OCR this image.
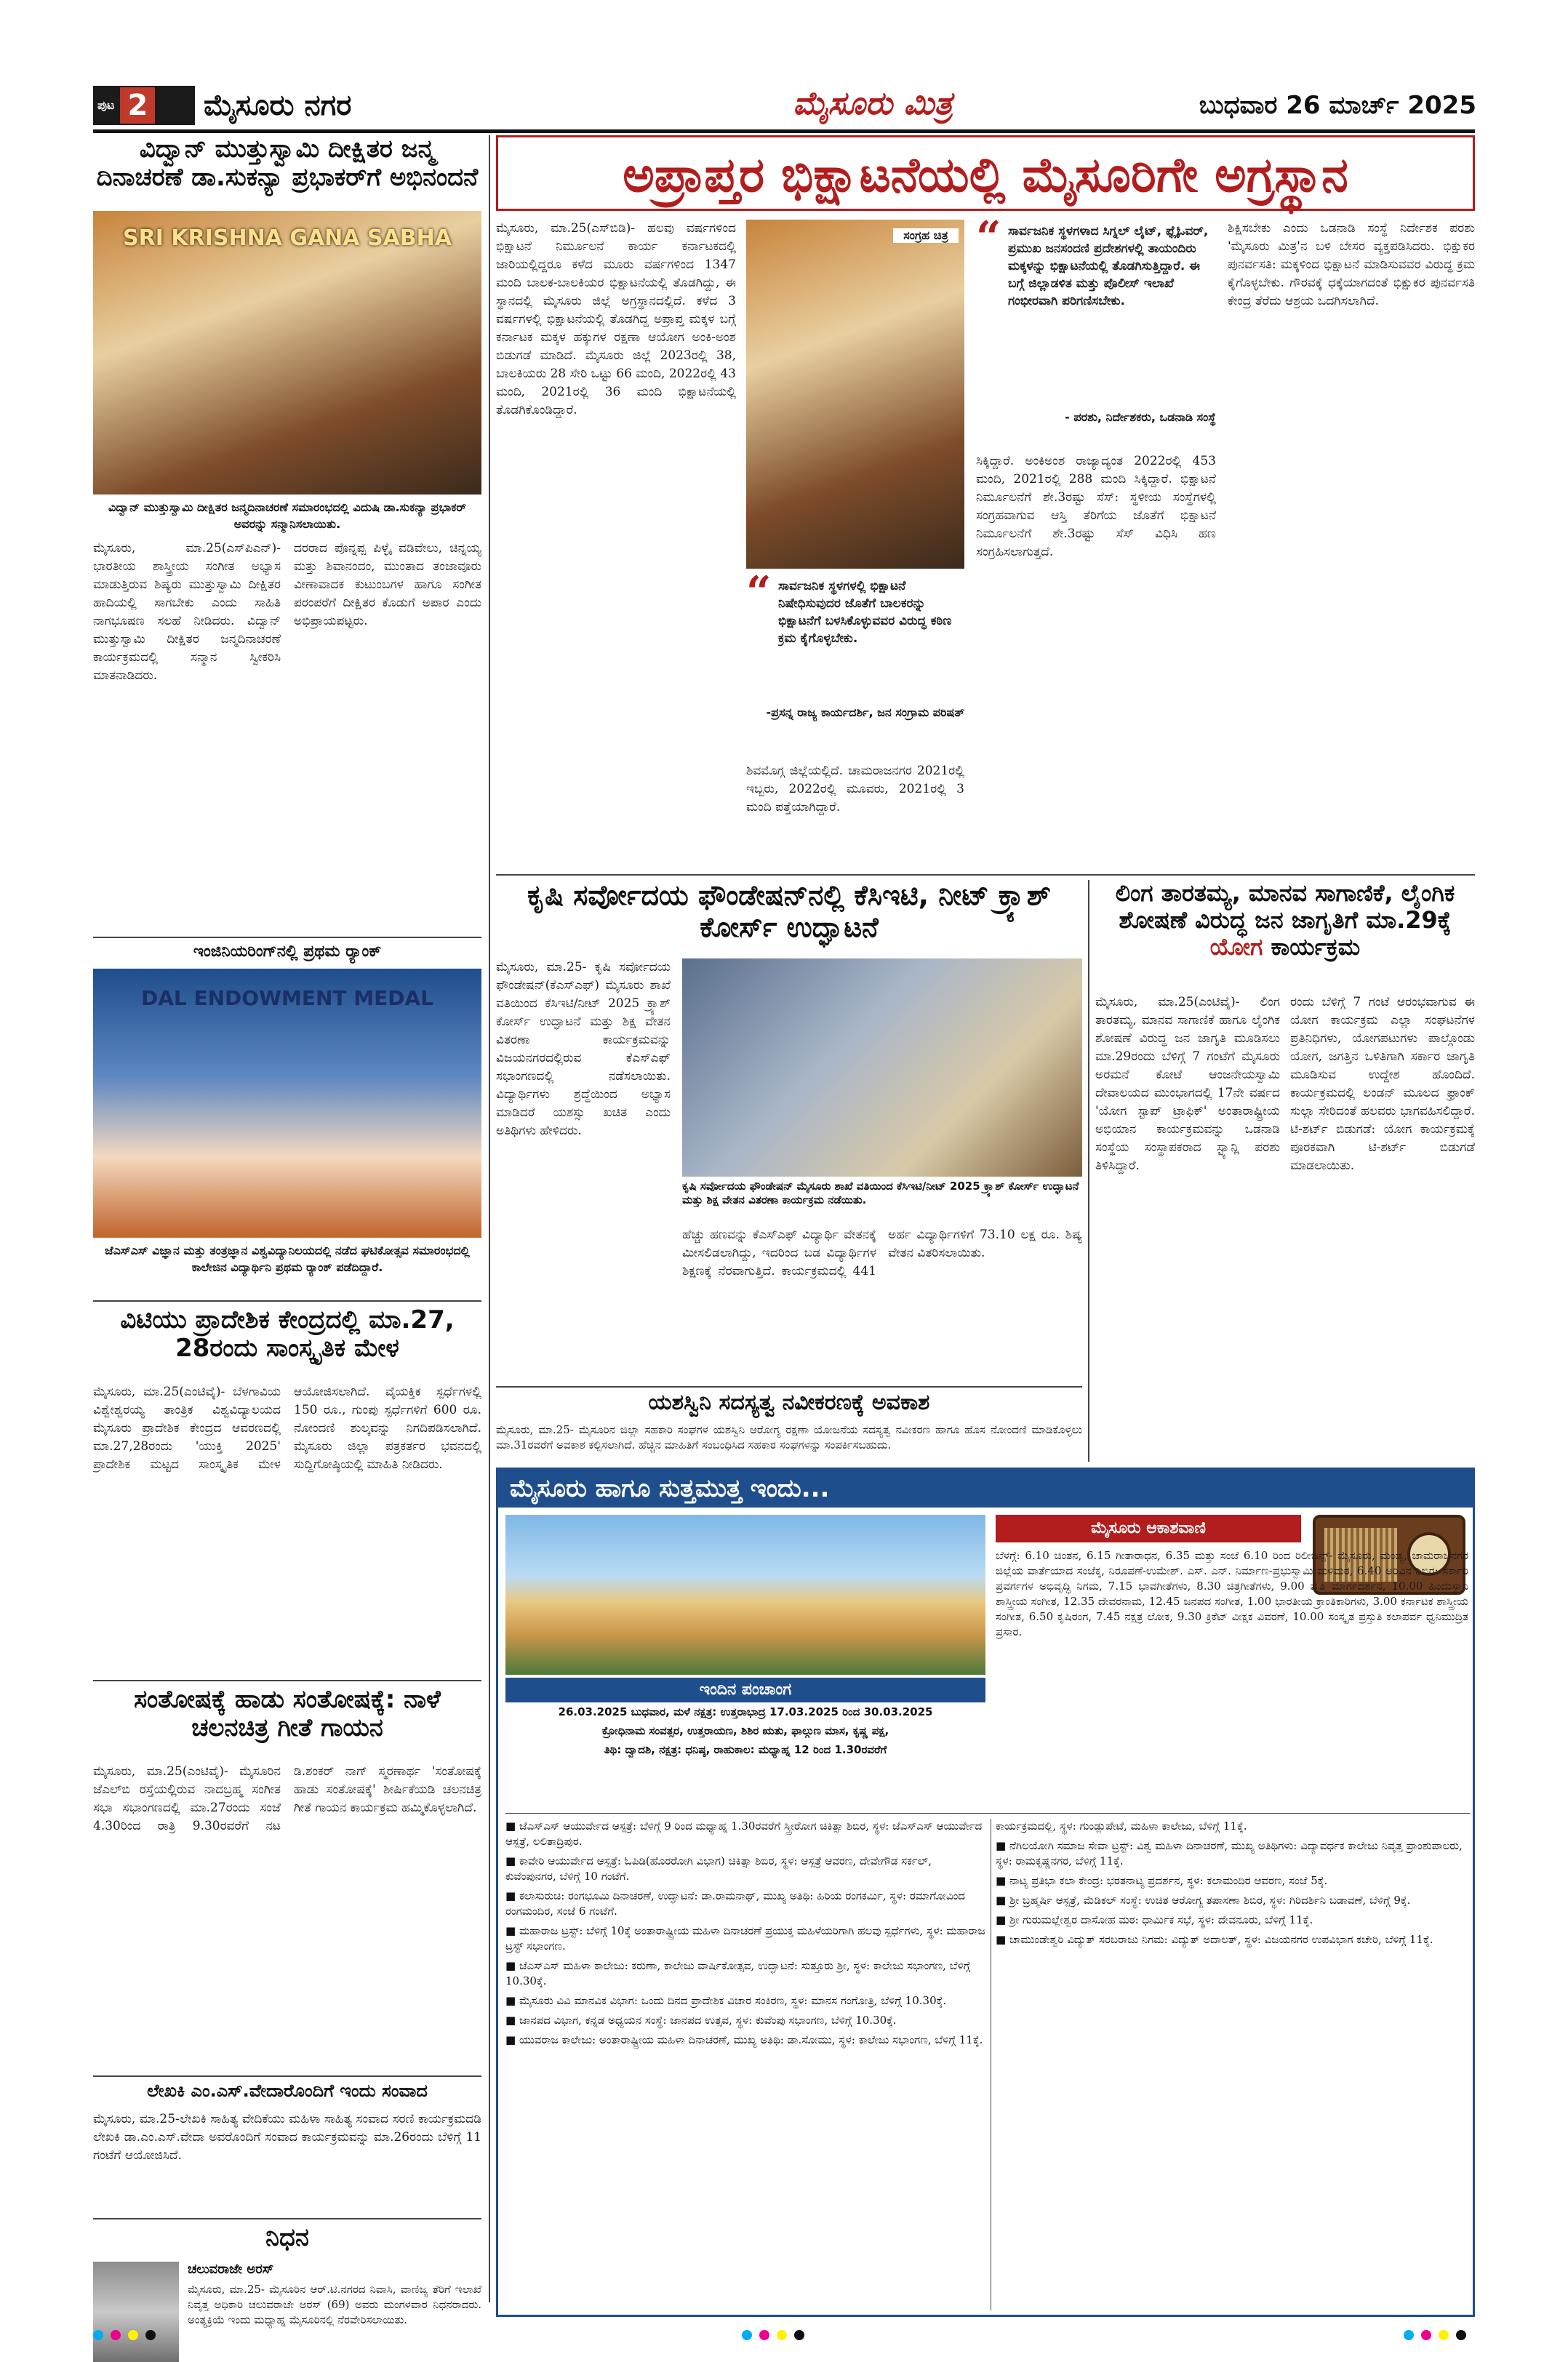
ಪುಟ 2 ಮೈಸೂರು ನಗರ	ಮೈಸೂರು ಮಿತ್ರ	ಬುಧವಾರ 26 ಮಾರ್ಚ್ 2025
ವಿದ್ವಾನ್ ಮುತ್ತುಸ್ವಾಮಿ ದೀಕ್ಷಿತರ ಜನ್ಮ ದಿನಾಚರಣೆ ಡಾ.ಸುಕನ್ಯಾ ಪ್ರಭಾಕರ್‌ಗೆ ಅಭಿನಂದನೆ
SRI KRISHNA GANA SABHA
ವಿದ್ವಾನ್ ಮುತ್ತುಸ್ವಾಮಿ ದೀಕ್ಷಿತರ ಜನ್ಮದಿನಾಚರಣೆ ಸಮಾರಂಭದಲ್ಲಿ ವಿದುಷಿ ಡಾ.ಸುಕನ್ಯಾ ಪ್ರಭಾಕರ್ ಅವರನ್ನು ಸನ್ಮಾನಿಸಲಾಯಿತು.
ಮೈಸೂರು, ಮಾ.25(ಎಸ್‌ಪಿಎನ್)- ಭಾರತೀಯ ಶಾಸ್ತ್ರೀಯ ಸಂಗೀತ ಅಭ್ಯಾಸ ಮಾಡುತ್ತಿರುವ ಶಿಷ್ಯರು ಮುತ್ತುಸ್ವಾಮಿ ದೀಕ್ಷಿತರ ಹಾದಿಯಲ್ಲಿ ಸಾಗಬೇಕು ಎಂದು ಸಾಹಿತಿ ನಾಗಭೂಷಣ ಸಲಹೆ ನೀಡಿದರು. ವಿದ್ವಾನ್ ಮುತ್ತುಸ್ವಾಮಿ ದೀಕ್ಷಿತರ ಜನ್ಮದಿನಾಚರಣೆ ಕಾರ್ಯಕ್ರಮದಲ್ಲಿ ಸನ್ಮಾನ ಸ್ವೀಕರಿಸಿ ಮಾತನಾಡಿದರು.
ದರರಾದ ಪೊನ್ನಪ್ಪ ಪಿಳ್ಳೈ ವಡಿವೇಲು, ಚಿನ್ನಯ್ಯ ಮತ್ತು ಶಿವಾನಂದಂ, ಮುಂತಾದ ತಂಜಾವೂರು ವೀಣಾವಾದಕ ಕುಟುಂಬಗಳ ಹಾಗೂ ಸಂಗೀತ ಪರಂಪರೆಗೆ ದೀಕ್ಷಿತರ ಕೊಡುಗೆ ಅಪಾರ ಎಂದು ಅಭಿಪ್ರಾಯಪಟ್ಟರು.
ಇಂಜಿನಿಯರಿಂಗ್‌ನಲ್ಲಿ ಪ್ರಥಮ ರ‍್ಯಾಂಕ್
DAL ENDOWMENT MEDAL
ಜೆಎಸ್‌ಎಸ್ ವಿಜ್ಞಾನ ಮತ್ತು ತಂತ್ರಜ್ಞಾನ ವಿಶ್ವವಿದ್ಯಾನಿಲಯದಲ್ಲಿ ನಡೆದ ಘಟಿಕೋತ್ಸವ ಸಮಾರಂಭದಲ್ಲಿ ಕಾಲೇಜಿನ ವಿದ್ಯಾರ್ಥಿನಿ ಪ್ರಥಮ ರ‍್ಯಾಂಕ್ ಪಡೆದಿದ್ದಾರೆ.
ವಿಟಿಯು ಪ್ರಾದೇಶಿಕ ಕೇಂದ್ರದಲ್ಲಿ ಮಾ.27, 28ರಂದು ಸಾಂಸ್ಕೃತಿಕ ಮೇಳ
ಮೈಸೂರು, ಮಾ.25(ಎಂಟಿವೈ)- ಬೆಳಗಾವಿಯ ವಿಶ್ವೇಶ್ವರಯ್ಯ ತಾಂತ್ರಿಕ ವಿಶ್ವವಿದ್ಯಾಲಯದ ಮೈಸೂರು ಪ್ರಾದೇಶಿಕ ಕೇಂದ್ರದ ಆವರಣದಲ್ಲಿ ಮಾ.27,28ರಂದು 'ಯುಕ್ತಿ 2025' ಪ್ರಾದೇಶಿಕ ಮಟ್ಟದ ಸಾಂಸ್ಕೃತಿಕ ಮೇಳ ಆಯೋಜಿಸಲಾಗಿದೆ. ವೈಯಕ್ತಿಕ ಸ್ಪರ್ಧೆಗಳಲ್ಲಿ 150 ರೂ., ಗುಂಪು ಸ್ಪರ್ಧೆಗಳಿಗೆ 600 ರೂ. ನೋಂದಣಿ ಶುಲ್ಕವನ್ನು ನಿಗದಿಪಡಿಸಲಾಗಿದೆ. ಮೈಸೂರು ಜಿಲ್ಲಾ ಪತ್ರಕರ್ತರ ಭವನದಲ್ಲಿ ಸುದ್ದಿಗೋಷ್ಠಿಯಲ್ಲಿ ಮಾಹಿತಿ ನೀಡಿದರು.
ಸಂತೋಷಕ್ಕೆ ಹಾಡು ಸಂತೋಷಕ್ಕೆ: ನಾಳೆ ಚಲನಚಿತ್ರ ಗೀತೆ ಗಾಯನ
ಮೈಸೂರು, ಮಾ.25(ಎಂಟಿವೈ)- ಮೈಸೂರಿನ ಜೆಎಲ್‌ಬಿ ರಸ್ತೆಯಲ್ಲಿರುವ ನಾದಬ್ರಹ್ಮ ಸಂಗೀತ ಸಭಾ ಸಭಾಂಗಣದಲ್ಲಿ ಮಾ.27ರಂದು ಸಂಜೆ 4.30ರಿಂದ ರಾತ್ರಿ 9.30ರವರೆಗೆ ನಟ ಡಿ.ಶಂಕರ್ ನಾಗ್ ಸ್ಮರಣಾರ್ಥ 'ಸಂತೋಷಕ್ಕೆ ಹಾಡು ಸಂತೋಷಕ್ಕೆ' ಶೀರ್ಷಿಕೆಯಡಿ ಚಲನಚಿತ್ರ ಗೀತೆ ಗಾಯನ ಕಾರ್ಯಕ್ರಮ ಹಮ್ಮಿಕೊಳ್ಳಲಾಗಿದೆ.
ಲೇಖಕಿ ಎಂ.ಎಸ್.ವೇದಾರೊಂದಿಗೆ ಇಂದು ಸಂವಾದ
ಮೈಸೂರು, ಮಾ.25-ಲೇಖಕಿ ಸಾಹಿತ್ಯ ವೇದಿಕೆಯು ಮಹಿಳಾ ಸಾಹಿತ್ಯ ಸಂವಾದ ಸರಣಿ ಕಾರ್ಯಕ್ರಮದಡಿ ಲೇಖಕಿ ಡಾ.ಎಂ.ಎಸ್.ವೇದಾ ಅವರೊಂದಿಗೆ ಸಂವಾದ ಕಾರ್ಯಕ್ರಮವನ್ನು ಮಾ.26ರಂದು ಬೆಳಿಗ್ಗೆ 11 ಗಂಟೆಗೆ ಆಯೋಜಿಸಿದೆ.
ನಿಧನ
ಚಲುವರಾಜೇ ಅರಸ್
ಮೈಸೂರು, ಮಾ.25- ಮೈಸೂರಿನ ಆರ್.ಟಿ.ನಗರದ ನಿವಾಸಿ, ವಾಣಿಜ್ಯ ತೆರಿಗೆ ಇಲಾಖೆ ನಿವೃತ್ತ ಅಧಿಕಾರಿ ಚಲುವರಾಜೇ ಅರಸ್ (69) ಅವರು ಮಂಗಳವಾರ ನಿಧನರಾದರು. ಅಂತ್ಯಕ್ರಿಯೆ ಇಂದು ಮಧ್ಯಾಹ್ನ ಮೈಸೂರಿನಲ್ಲಿ ನೆರವೇರಿಸಲಾಯಿತು.
ಅಪ್ರಾಪ್ತರ ಭಿಕ್ಷಾಟನೆಯಲ್ಲಿ ಮೈಸೂರಿಗೇ ಅಗ್ರಸ್ಥಾನ
ಮೈಸೂರು, ಮಾ.25(ಎಸ್‌ಬಿಡಿ)- ಹಲವು ವರ್ಷಗಳಿಂದ ಭಿಕ್ಷಾಟನೆ ನಿರ್ಮೂಲನೆ ಕಾರ್ಯ ಕರ್ನಾಟಕದಲ್ಲಿ ಜಾರಿಯಲ್ಲಿದ್ದರೂ ಕಳೆದ ಮೂರು ವರ್ಷಗಳಿಂದ 1347 ಮಂದಿ ಬಾಲಕ-ಬಾಲಕಿಯರ ಭಿಕ್ಷಾಟನೆಯಲ್ಲಿ ತೊಡಗಿದ್ದು, ಈ ಸ್ಥಾನದಲ್ಲಿ ಮೈಸೂರು ಜಿಲ್ಲೆ ಅಗ್ರಸ್ಥಾನದಲ್ಲಿದೆ. ಕಳೆದ 3 ವರ್ಷಗಳಲ್ಲಿ ಭಿಕ್ಷಾಟನೆಯಲ್ಲಿ ತೊಡಗಿದ್ದ ಅಪ್ರಾಪ್ತ ಮಕ್ಕಳ ಬಗ್ಗೆ ಕರ್ನಾಟಕ ಮಕ್ಕಳ ಹಕ್ಕುಗಳ ರಕ್ಷಣಾ ಆಯೋಗ ಅಂಕಿ-ಅಂಶ ಬಿಡುಗಡೆ ಮಾಡಿದೆ. ಮೈಸೂರು ಜಿಲ್ಲೆ 2023ರಲ್ಲಿ 38, ಬಾಲಕಿಯರು 28 ಸೇರಿ ಒಟ್ಟು 66 ಮಂದಿ, 2022ರಲ್ಲಿ 43 ಮಂದಿ, 2021ರಲ್ಲಿ 36 ಮಂದಿ ಭಿಕ್ಷಾಟನೆಯಲ್ಲಿ ತೊಡಗಿಕೊಂಡಿದ್ದಾರೆ.
ಸಂಗ್ರಹ ಚಿತ್ರ
“ ಸಾರ್ವಜನಿಕ ಸ್ಥಳಗಳಲ್ಲಿ ಭಿಕ್ಷಾಟನೆ ನಿಷೇಧಿಸುವುದರ ಜೊತೆಗೆ ಬಾಲಕರನ್ನು ಭಿಕ್ಷಾಟನೆಗೆ ಬಳಸಿಕೊಳ್ಳುವವರ ವಿರುದ್ಧ ಕಠಿಣ ಕ್ರಮ ಕೈಗೊಳ್ಳಬೇಕು.
-ಪ್ರಸನ್ನ ರಾಜ್ಯ ಕಾರ್ಯದರ್ಶಿ, ಜನ ಸಂಗ್ರಾಮ ಪರಿಷತ್
ಶಿವಮೊಗ್ಗ ಜಿಲ್ಲೆಯಲ್ಲಿದೆ. ಚಾಮರಾಜನಗರ 2021ರಲ್ಲಿ ಇಬ್ಬರು, 2022ರಲ್ಲಿ ಮೂವರು, 2021ರಲ್ಲಿ 3 ಮಂದಿ ಪತ್ತೆಯಾಗಿದ್ದಾರೆ.
“ ಸಾರ್ವಜನಿಕ ಸ್ಥಳಗಳಾದ ಸಿಗ್ನಲ್ ಲೈಟ್, ಫ್ಲೈಓವರ್, ಪ್ರಮುಖ ಜನಸಂದಣಿ ಪ್ರದೇಶಗಳಲ್ಲಿ ತಾಯಂದಿರು ಮಕ್ಕಳನ್ನು ಭಿಕ್ಷಾಟನೆಯಲ್ಲಿ ತೊಡಗಿಸುತ್ತಿದ್ದಾರೆ. ಈ ಬಗ್ಗೆ ಜಿಲ್ಲಾಡಳಿತ ಮತ್ತು ಪೊಲೀಸ್ ಇಲಾಖೆ ಗಂಭೀರವಾಗಿ ಪರಿಗಣಿಸಬೇಕು.
- ಪರಶು, ನಿರ್ದೇಶಕರು, ಒಡನಾಡಿ ಸಂಸ್ಥೆ
ಸಿಕ್ಕಿದ್ದಾರೆ. ಅಂಕಿಅಂಶ ರಾಜ್ಯಾದ್ಯಂತ 2022ರಲ್ಲಿ 453 ಮಂದಿ, 2021ರಲ್ಲಿ 288 ಮಂದಿ ಸಿಕ್ಕಿದ್ದಾರೆ. ಭಿಕ್ಷಾಟನೆ ನಿರ್ಮೂಲನೆಗೆ ಶೇ.3ರಷ್ಟು ಸೆಸ್: ಸ್ಥಳೀಯ ಸಂಸ್ಥೆಗಳಲ್ಲಿ ಸಂಗ್ರಹವಾಗುವ ಆಸ್ತಿ ತೆರಿಗೆಯ ಜೊತೆಗೆ ಭಿಕ್ಷಾಟನೆ ನಿರ್ಮೂಲನೆಗೆ ಶೇ.3ರಷ್ಟು ಸೆಸ್ ವಿಧಿಸಿ ಹಣ ಸಂಗ್ರಹಿಸಲಾಗುತ್ತದೆ.
ಶಿಕ್ಷಿಸಬೇಕು ಎಂದು ಒಡನಾಡಿ ಸಂಸ್ಥೆ ನಿರ್ದೇಶಕ ಪರಶು 'ಮೈಸೂರು ಮಿತ್ರ'ನ ಬಳಿ ಬೇಸರ ವ್ಯಕ್ತಪಡಿಸಿದರು. ಭಿಕ್ಷುಕರ ಪುನರ್ವಸತಿ: ಮಕ್ಕಳಿಂದ ಭಿಕ್ಷಾಟನೆ ಮಾಡಿಸುವವರ ವಿರುದ್ಧ ಕ್ರಮ ಕೈಗೊಳ್ಳಬೇಕು. ಗೌರವಕ್ಕೆ ಧಕ್ಕೆಯಾಗದಂತೆ ಭಿಕ್ಷುಕರ ಪುನರ್ವಸತಿ ಕೇಂದ್ರ ತೆರೆದು ಆಶ್ರಯ ಒದಗಿಸಲಾಗಿದೆ.
ಕೃಷಿ ಸರ್ವೋದಯ ಫೌಂಡೇಷನ್‌ನಲ್ಲಿ ಕೆಸಿಇಟಿ, ನೀಟ್ ಕ್ರ್ಯಾಶ್ ಕೋರ್ಸ್ ಉದ್ಘಾಟನೆ
ಮೈಸೂರು, ಮಾ.25- ಕೃಷಿ ಸರ್ವೋದಯ ಫೌಂಡೇಷನ್(ಕೆಎಸ್‌ಎಫ್) ಮೈಸೂರು ಶಾಖೆ ವತಿಯಿಂದ ಕೆಸಿಇಟಿ/ನೀಟ್ 2025 ಕ್ರ್ಯಾಶ್ ಕೋರ್ಸ್ ಉದ್ಘಾಟನೆ ಮತ್ತು ಶಿಕ್ಷ ವೇತನ ವಿತರಣಾ ಕಾರ್ಯಕ್ರಮವನ್ನು ವಿಜಯನಗರದಲ್ಲಿರುವ ಕೆಎಸ್‌ಎಫ್ ಸಭಾಂಗಣದಲ್ಲಿ ನಡೆಸಲಾಯಿತು. ವಿದ್ಯಾರ್ಥಿಗಳು ಶ್ರದ್ಧೆಯಿಂದ ಅಭ್ಯಾಸ ಮಾಡಿದರೆ ಯಶಸ್ಸು ಖಚಿತ ಎಂದು ಅತಿಥಿಗಳು ಹೇಳಿದರು.
ಕೃಷಿ ಸರ್ವೋದಯ ಫೌಂಡೇಷನ್ ಮೈಸೂರು ಶಾಖೆ ವತಿಯಿಂದ ಕೆಸಿಇಟಿ/ನೀಟ್ 2025 ಕ್ರ್ಯಾಶ್ ಕೋರ್ಸ್ ಉದ್ಘಾಟನೆ ಮತ್ತು ಶಿಕ್ಷ ವೇತನ ವಿತರಣಾ ಕಾರ್ಯಕ್ರಮ ನಡೆಯಿತು.
ಹೆಚ್ಚು ಹಣವನ್ನು ಕೆಎಸ್‌ಎಫ್ ವಿದ್ಯಾರ್ಥಿ ವೇತನಕ್ಕೆ ಮೀಸಲಿಡಲಾಗಿದ್ದು, ಇದರಿಂದ ಬಡ ವಿದ್ಯಾರ್ಥಿಗಳ ಶಿಕ್ಷಣಕ್ಕೆ ನೆರವಾಗುತ್ತಿದೆ. ಕಾರ್ಯಕ್ರಮದಲ್ಲಿ 441 ಅರ್ಹ ವಿದ್ಯಾರ್ಥಿಗಳಿಗೆ 73.10 ಲಕ್ಷ ರೂ. ಶಿಷ್ಯ ವೇತನ ವಿತರಿಸಲಾಯಿತು.
ಯಶಸ್ವಿನಿ ಸದಸ್ಯತ್ವ ನವೀಕರಣಕ್ಕೆ ಅವಕಾಶ
ಮೈಸೂರು, ಮಾ.25- ಮೈಸೂರಿನ ಜಿಲ್ಲಾ ಸಹಕಾರಿ ಸಂಘಗಳ ಯಶಸ್ವಿನಿ ಆರೋಗ್ಯ ರಕ್ಷಣಾ ಯೋಜನೆಯ ಸದಸ್ಯತ್ವ ನವೀಕರಣ ಹಾಗೂ ಹೊಸ ನೋಂದಣಿ ಮಾಡಿಕೊಳ್ಳಲು ಮಾ.31ರವರೆಗೆ ಅವಕಾಶ ಕಲ್ಪಿಸಲಾಗಿದೆ. ಹೆಚ್ಚಿನ ಮಾಹಿತಿಗೆ ಸಂಬಂಧಿಸಿದ ಸಹಕಾರ ಸಂಘಗಳನ್ನು ಸಂಪರ್ಕಿಸಬಹುದು.
ಲಿಂಗ ತಾರತಮ್ಯ, ಮಾನವ ಸಾಗಾಣಿಕೆ, ಲೈಂಗಿಕ ಶೋಷಣೆ ವಿರುದ್ಧ ಜನ ಜಾಗೃತಿಗೆ ಮಾ.29ಕ್ಕೆ ಯೋಗ ಕಾರ್ಯಕ್ರಮ
ಮೈಸೂರು, ಮಾ.25(ಎಂಟಿವೈ)- ಲಿಂಗ ತಾರತಮ್ಯ, ಮಾನವ ಸಾಗಾಣಿಕೆ ಹಾಗೂ ಲೈಂಗಿಕ ಶೋಷಣೆ ವಿರುದ್ಧ ಜನ ಜಾಗೃತಿ ಮೂಡಿಸಲು ಮಾ.29ರಂದು ಬೆಳಿಗ್ಗೆ 7 ಗಂಟೆಗೆ ಮೈಸೂರು ಅರಮನೆ ಕೋಟೆ ಆಂಜನೇಯಸ್ವಾಮಿ ದೇವಾಲಯದ ಮುಂಭಾಗದಲ್ಲಿ 17ನೇ ವರ್ಷದ 'ಯೋಗ ಸ್ಟಾಪ್ ಟ್ರಾಫಿಕ್' ಅಂತಾರಾಷ್ಟ್ರೀಯ ಅಭಿಯಾನ ಕಾರ್ಯಕ್ರಮವನ್ನು ಒಡನಾಡಿ ಸಂಸ್ಥೆಯ ಸಂಸ್ಥಾಪಕರಾದ ಸ್ಟ್ಯಾನ್ಲಿ ಪರಶು ತಿಳಿಸಿದ್ದಾರೆ.
ರಂದು ಬೆಳಿಗ್ಗೆ 7 ಗಂಟೆ ಆರಂಭವಾಗುವ ಈ ಯೋಗ ಕಾರ್ಯಕ್ರಮ ಎಲ್ಲಾ ಸಂಘಟನೆಗಳ ಪ್ರತಿನಿಧಿಗಳು, ಯೋಗಪಟುಗಳು ಪಾಲ್ಗೊಂಡು ಯೋಗ, ಜಗತ್ತಿನ ಒಳಿತಿಗಾಗಿ ಸರ್ಕಾರ ಜಾಗೃತಿ ಮೂಡಿಸುವ ಉದ್ದೇಶ ಹೊಂದಿದೆ. ಕಾರ್ಯಕ್ರಮದಲ್ಲಿ ಲಂಡನ್ ಮೂಲದ ಫ್ರಾಂಕ್ ಸುಲ್ಲಾ ಸೇರಿದಂತೆ ಹಲವರು ಭಾಗವಹಿಸಲಿದ್ದಾರೆ. ಟಿ-ಶರ್ಟ್ ಬಿಡುಗಡೆ: ಯೋಗ ಕಾರ್ಯಕ್ರಮಕ್ಕೆ ಪೂರಕವಾಗಿ ಟಿ-ಶರ್ಟ್ ಬಿಡುಗಡೆ ಮಾಡಲಾಯಿತು.
ಮೈಸೂರು ಹಾಗೂ ಸುತ್ತಮುತ್ತ ಇಂದು...
ಇಂದಿನ ಪಂಚಾಂಗ
26.03.2025 ಬುಧವಾರ, ಮಳೆ ನಕ್ಷತ್ರ: ಉತ್ತರಾಭಾದ್ರ 17.03.2025 ರಿಂದ 30.03.2025
ಕ್ರೋಧಿನಾಮ ಸಂವತ್ಸರ, ಉತ್ತರಾಯಣ, ಶಿಶಿರ ಋತು, ಫಾಲ್ಗುಣ ಮಾಸ, ಕೃಷ್ಣ ಪಕ್ಷ,
ತಿಥಿ: ದ್ವಾದಶಿ, ನಕ್ಷತ್ರ: ಧನಿಷ್ಠ, ರಾಹುಕಾಲ: ಮಧ್ಯಾಹ್ನ 12 ರಿಂದ 1.30ರವರೆಗೆ
ಮೈಸೂರು ಆಕಾಶವಾಣಿ
ಬೆಳಗ್ಗೆ: 6.10 ಚಿಂತನ, 6.15 ಗೀತಾರಾಧನ, 6.35 ಮತ್ತು ಸಂಜೆ 6.10 ರಿಂದ ರಿಲೀಜನ್ಸ್- ಮೈಸೂರು, ಮಂಡ್ಯ, ಚಾಮರಾಜನಗರ ಜಿಲ್ಲೆಯ ವಾರ್ತೆಯಾದ ಸಂಜೆಕ್ಕ, ನಿರೂಪಣೆ-ಉಮೇಶ್. ಎಸ್. ಎನ್. ನಿರ್ಮಾಣ-ಪ್ರಭುಸ್ವಾಮಿ ಮಳಿಮಠ, 6.40 ಅರಿವಿನ ಶಿಬಿರ: ಸರ್ಕಾರಿ ಪ್ರವರ್ಗಗಳ ಅಭಿವೃದ್ಧಿ ನಿಗಮ, 7.15 ಭಾವಗೀತೆಗಳು, 8.30 ಚಿತ್ರಗೀತೆಗಳು, 9.00 ವೃತ್ತಿ ಮಾರ್ಗದರ್ಶನ, 10.00 ಹಿಂದುಸ್ಥಾನಿ ಶಾಸ್ತ್ರೀಯ ಸಂಗೀತ, 12.35 ದೇವರನಾಮ, 12.45 ಜನಪದ ಸಂಗೀತ, 1.00 ಭಾರತೀಯ ಕ್ರಾಂತಿಕಾರಿಗಳು, 3.00 ಕರ್ನಾಟಕ ಶಾಸ್ತ್ರೀಯ ಸಂಗೀತ, 6.50 ಕೃಷಿರಂಗ, 7.45 ನಕ್ಷತ್ರ ಲೋಕ, 9.30 ಕ್ರಿಕೆಟ್ ವೀಕ್ಷಕ ವಿವರಣೆ, 10.00 ಸಂಸ್ಕೃತ ಪ್ರಸ್ತುತಿ ಕಲಾಪರ್ವ ಧ್ವನಿಮುದ್ರಿತ ಪ್ರಸಾರ.
■ ಜೆಎಸ್‌ಎಸ್ ಆಯುರ್ವೇದ ಆಸ್ಪತ್ರೆ: ಬೆಳಿಗ್ಗೆ 9 ರಿಂದ ಮಧ್ಯಾಹ್ನ 1.30ರವರೆಗೆ ಸ್ತ್ರೀರೋಗ ಚಿಕಿತ್ಸಾ ಶಿಬಿರ, ಸ್ಥಳ: ಜೆಎಸ್‌ಎಸ್ ಆಯುರ್ವೇದ ಆಸ್ಪತ್ರೆ, ಲಲಿತಾದ್ರಿಪುರ.
■ ಕಾವೇರಿ ಆಯುರ್ವೇದ ಆಸ್ಪತ್ರೆ: ಓಪಿಡಿ(ಹೊರರೋಗಿ ವಿಭಾಗ) ಚಿಕಿತ್ಸಾ ಶಿಬಿರ, ಸ್ಥಳ: ಆಸ್ಪತ್ರೆ ಆವರಣ, ದೇವೇಗೌಡ ಸರ್ಕಲ್, ಕುವೆಂಪುನಗರ, ಬೆಳಿಗ್ಗೆ 10 ಗಂಟೆಗೆ.
■ ಕಲಾಸುರುಚಿ: ರಂಗಭೂಮಿ ದಿನಾಚರಣೆ, ಉದ್ಘಾಟನೆ: ಡಾ.ರಾಮನಾಥ್, ಮುಖ್ಯ ಅತಿಥಿ: ಹಿರಿಯ ರಂಗಕರ್ಮಿ, ಸ್ಥಳ: ರಮಾಗೋವಿಂದ ರಂಗಮಂದಿರ, ಸಂಜೆ 6 ಗಂಟೆಗೆ.
■ ಮಹಾರಾಜ ಟ್ರಸ್ಟ್: ಬೆಳಿಗ್ಗೆ 10ಕ್ಕೆ ಅಂತಾರಾಷ್ಟ್ರೀಯ ಮಹಿಳಾ ದಿನಾಚರಣೆ ಪ್ರಯುಕ್ತ ಮಹಿಳೆಯರಿಗಾಗಿ ಹಲವು ಸ್ಪರ್ಧೆಗಳು, ಸ್ಥಳ: ಮಹಾರಾಜ ಟ್ರಸ್ಟ್ ಸಭಾಂಗಣ.
■ ಜೆಎಸ್‌ಎಸ್ ಮಹಿಳಾ ಕಾಲೇಜು: ಕರುಣಾ, ಕಾಲೇಜು ವಾರ್ಷಿಕೋತ್ಸವ, ಉದ್ಘಾಟನೆ: ಸುತ್ತೂರು ಶ್ರೀ, ಸ್ಥಳ: ಕಾಲೇಜು ಸಭಾಂಗಣ, ಬೆಳಿಗ್ಗೆ 10.30ಕ್ಕೆ.
■ ಮೈಸೂರು ವಿವಿ ಮಾನವಿಕ ವಿಭಾಗ: ಒಂದು ದಿನದ ಪ್ರಾದೇಶಿಕ ವಿಚಾರ ಸಂಕಿರಣ, ಸ್ಥಳ: ಮಾನಸ ಗಂಗೋತ್ರಿ, ಬೆಳಿಗ್ಗೆ 10.30ಕ್ಕೆ.
■ ಜಾನಪದ ವಿಭಾಗ, ಕನ್ನಡ ಅಧ್ಯಯನ ಸಂಸ್ಥೆ: ಜಾನಪದ ಉತ್ಸವ, ಸ್ಥಳ: ಕುವೆಂಪು ಸಭಾಂಗಣ, ಬೆಳಿಗ್ಗೆ 10.30ಕ್ಕೆ.
■ ಯುವರಾಜ ಕಾಲೇಜು: ಅಂತಾರಾಷ್ಟ್ರೀಯ ಮಹಿಳಾ ದಿನಾಚರಣೆ, ಮುಖ್ಯ ಅತಿಥಿ: ಡಾ.ಸೋಮು, ಸ್ಥಳ: ಕಾಲೇಜು ಸಭಾಂಗಣ, ಬೆಳಿಗ್ಗೆ 11ಕ್ಕೆ.
ಕಾರ್ಯಕ್ರಮದಲ್ಲಿ, ಸ್ಥಳ: ಗುಂಡ್ಲುಪೇಟೆ, ಮಹಿಳಾ ಕಾಲೇಜು, ಬೆಳಿಗ್ಗೆ 11ಕ್ಕೆ.
■ ನೆಗಿಲಯೋಗಿ ಸಮಾಜ ಸೇವಾ ಟ್ರಸ್ಟ್: ವಿಶ್ವ ಮಹಿಳಾ ದಿನಾಚರಣೆ, ಮುಖ್ಯ ಅತಿಥಿಗಳು: ವಿದ್ಯಾವರ್ಧಕ ಕಾಲೇಜು ನಿವೃತ್ತ ಪ್ರಾಂಶುಪಾಲರು, ಸ್ಥಳ: ರಾಮಕೃಷ್ಣನಗರ, ಬೆಳಿಗ್ಗೆ 11ಕ್ಕೆ.
■ ನಾಟ್ಯ ಪ್ರತಿಭಾ ಕಲಾ ಕೇಂದ್ರ: ಭರತನಾಟ್ಯ ಪ್ರದರ್ಶನ, ಸ್ಥಳ: ಕಲಾಮಂದಿರ ಆವರಣ, ಸಂಜೆ 5ಕ್ಕೆ.
■ ಶ್ರೀ ಬ್ರಹ್ಮರ್ಷಿ ಆಸ್ಪತ್ರೆ, ಮೆಡಿಕಲ್ ಸಂಸ್ಥೆ: ಉಚಿತ ಆರೋಗ್ಯ ತಪಾಸಣಾ ಶಿಬಿರ, ಸ್ಥಳ: ಗಿರಿದರ್ಶಿನಿ ಬಡಾವಣೆ, ಬೆಳಿಗ್ಗೆ 9ಕ್ಕೆ.
■ ಶ್ರೀ ಗುರುಮಲ್ಲೇಶ್ವರ ದಾಸೋಹ ಮಠ: ಧಾರ್ಮಿಕ ಸಭೆ, ಸ್ಥಳ: ದೇವನೂರು, ಬೆಳಿಗ್ಗೆ 11ಕ್ಕೆ.
■ ಚಾಮುಂಡೇಶ್ವರಿ ವಿದ್ಯುತ್ ಸರಬರಾಜು ನಿಗಮ: ವಿದ್ಯುತ್ ಅದಾಲತ್, ಸ್ಥಳ: ವಿಜಯನಗರ ಉಪವಿಭಾಗ ಕಚೇರಿ, ಬೆಳಿಗ್ಗೆ 11ಕ್ಕೆ.
